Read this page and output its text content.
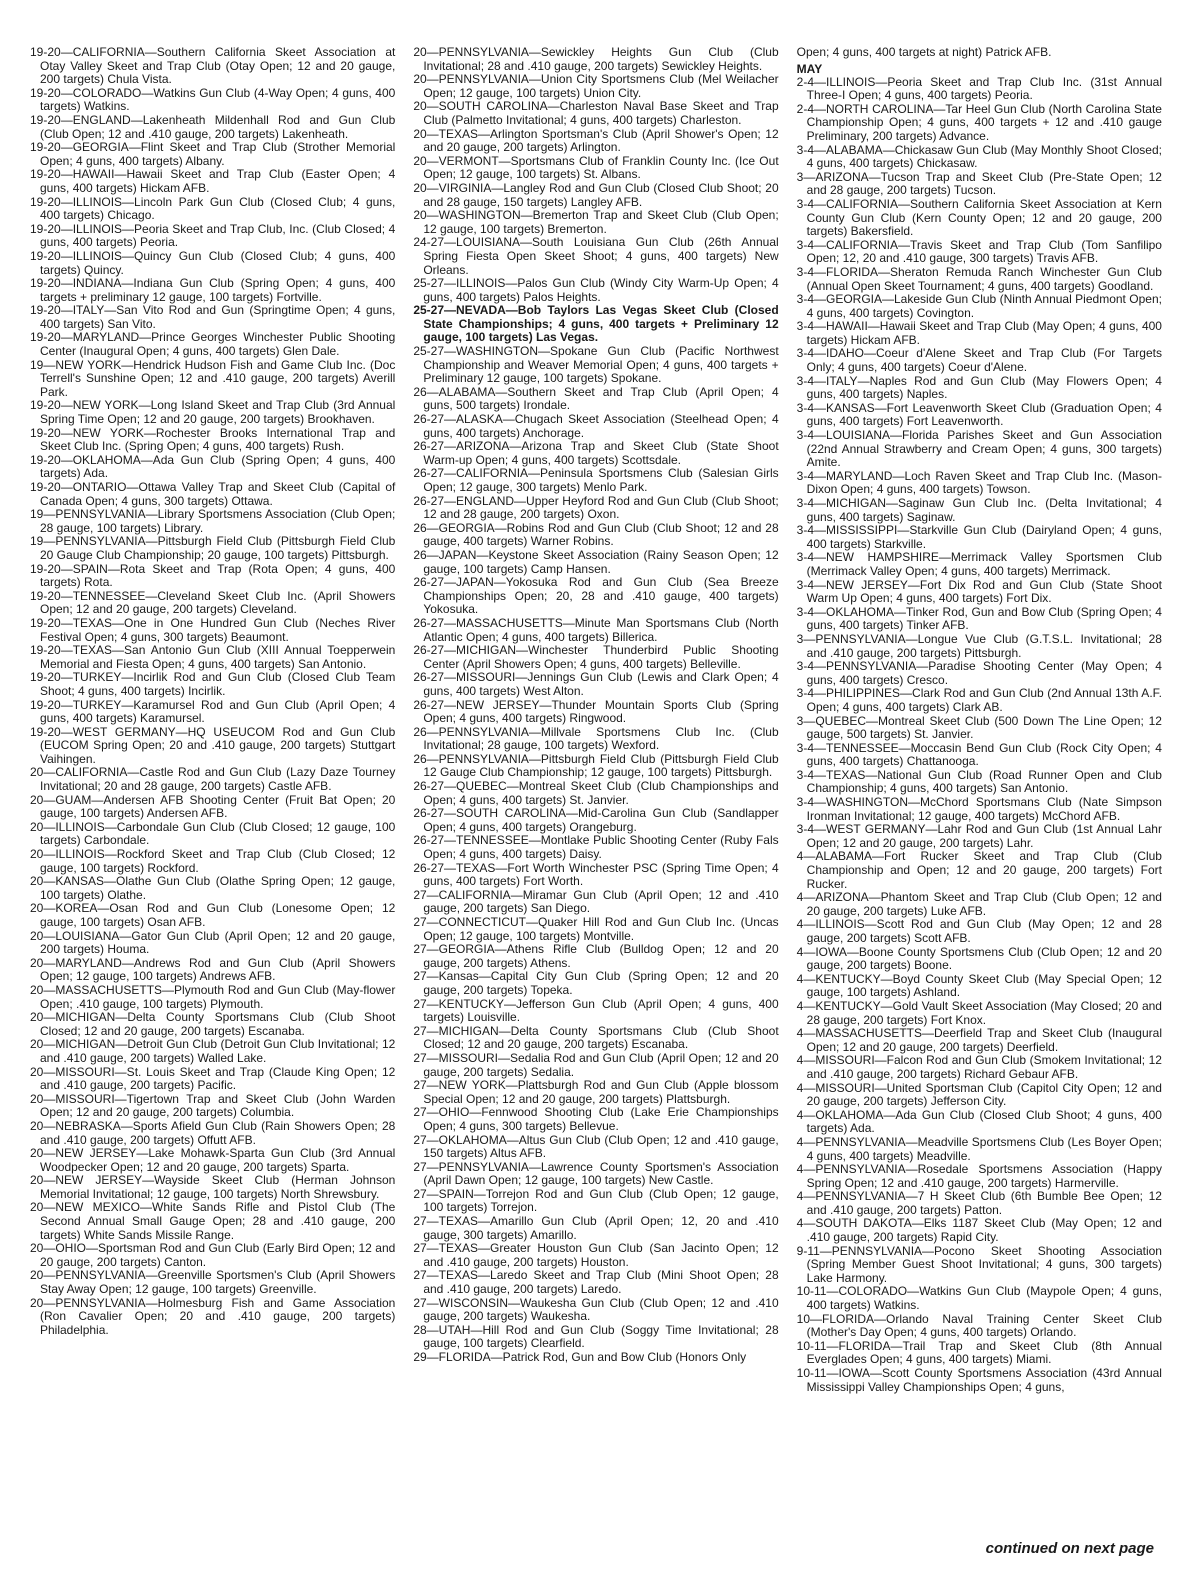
19-20—CALIFORNIA—Southern California Skeet Association at Otay Valley Skeet and Trap Club (Otay Open; 12 and 20 gauge, 200 targets) Chula Vista.

19-20—COLORADO—Watkins Gun Club (4-Way Open; 4 guns, 400 targets) Watkins.

19-20—ENGLAND—Lakenheath Mildenhall Rod and Gun Club (Club Open; 12 and .410 gauge, 200 targets) Lakenheath.

19-20—GEORGIA—Flint Skeet and Trap Club (Strother Memorial Open; 4 guns, 400 targets) Albany.

19-20—HAWAII—Hawaii Skeet and Trap Club (Easter Open; 4 guns, 400 targets) Hickam AFB.

19-20—ILLINOIS—Lincoln Park Gun Club (Closed Club; 4 guns, 400 targets) Chicago.

19-20—ILLINOIS—Peoria Skeet and Trap Club, Inc. (Club Closed; 4 guns, 400 targets) Peoria.

19-20—ILLINOIS—Quincy Gun Club (Closed Club; 4 guns, 400 targets) Quincy.

19-20—INDIANA—Indiana Gun Club (Spring Open; 4 guns, 400 targets + preliminary 12 gauge, 100 targets) Fortville.

19-20—ITALY—San Vito Rod and Gun (Springtime Open; 4 guns, 400 targets) San Vito.

19-20—MARYLAND—Prince Georges Winchester Public Shooting Center (Inaugural Open; 4 guns, 400 targets) Glen Dale.

19—NEW YORK—Hendrick Hudson Fish and Game Club Inc. (Doc Terrell's Sunshine Open; 12 and .410 gauge, 200 targets) Averill Park.

19-20—NEW YORK—Long Island Skeet and Trap Club (3rd Annual Spring Time Open; 12 and 20 gauge, 200 targets) Brookhaven.

19-20—NEW YORK—Rochester Brooks International Trap and Skeet Club Inc. (Spring Open; 4 guns, 400 targets) Rush.

19-20—OKLAHOMA—Ada Gun Club (Spring Open; 4 guns, 400 targets) Ada.

19-20—ONTARIO—Ottawa Valley Trap and Skeet Club (Capital of Canada Open; 4 guns, 300 targets) Ottawa.

19—PENNSYLVANIA—Library Sportsmens Association (Club Open; 28 gauge, 100 targets) Library.

19—PENNSYLVANIA—Pittsburgh Field Club (Pittsburgh Field Club 20 Gauge Club Championship; 20 gauge, 100 targets) Pittsburgh.

19-20—SPAIN—Rota Skeet and Trap (Rota Open; 4 guns, 400 targets) Rota.

19-20—TENNESSEE—Cleveland Skeet Club Inc. (April Showers Open; 12 and 20 gauge, 200 targets) Cleveland.

19-20—TEXAS—One in One Hundred Gun Club (Neches River Festival Open; 4 guns, 300 targets) Beaumont.

19-20—TEXAS—San Antonio Gun Club (XIII Annual Toepperwein Memorial and Fiesta Open; 4 guns, 400 targets) San Antonio.

19-20—TURKEY—Incirlik Rod and Gun Club (Closed Club Team Shoot; 4 guns, 400 targets) Incirlik.

19-20—TURKEY—Karamursel Rod and Gun Club (April Open; 4 guns, 400 targets) Karamursel.

19-20—WEST GERMANY—HQ USEUCOM Rod and Gun Club (EUCOM Spring Open; 20 and .410 gauge, 200 targets) Stuttgart Vaihingen.

20—CALIFORNIA—Castle Rod and Gun Club (Lazy Daze Tourney Invitational; 20 and 28 gauge, 200 targets) Castle AFB.

20—GUAM—Andersen AFB Shooting Center (Fruit Bat Open; 20 gauge, 100 targets) Andersen AFB.

20—ILLINOIS—Carbondale Gun Club (Club Closed; 12 gauge, 100 targets) Carbondale.

20—ILLINOIS—Rockford Skeet and Trap Club (Club Closed; 12 gauge, 100 targets) Rockford.

20—KANSAS—Olathe Gun Club (Olathe Spring Open; 12 gauge, 100 targets) Olathe.

20—KOREA—Osan Rod and Gun Club (Lonesome Open; 12 gauge, 100 targets) Osan AFB.

20—LOUISIANA—Gator Gun Club (April Open; 12 and 20 gauge, 200 targets) Houma.

20—MARYLAND—Andrews Rod and Gun Club (April Showers Open; 12 gauge, 100 targets) Andrews AFB.

20—MASSACHUSETTS—Plymouth Rod and Gun Club (May-flower Open; .410 gauge, 100 targets) Plymouth.

20—MICHIGAN—Delta County Sportsmans Club (Club Shoot Closed; 12 and 20 gauge, 200 targets) Escanaba.

20—MICHIGAN—Detroit Gun Club (Detroit Gun Club Invitational; 12 and .410 gauge, 200 targets) Walled Lake.

20—MISSOURI—St. Louis Skeet and Trap (Claude King Open; 12 and .410 gauge, 200 targets) Pacific.

20—MISSOURI—Tigertown Trap and Skeet Club (John Warden Open; 12 and 20 gauge, 200 targets) Columbia.

20—NEBRASKA—Sports Afield Gun Club (Rain Showers Open; 28 and .410 gauge, 200 targets) Offutt AFB.

20—NEW JERSEY—Lake Mohawk-Sparta Gun Club (3rd Annual Woodpecker Open; 12 and 20 gauge, 200 targets) Sparta.

20—NEW JERSEY—Wayside Skeet Club (Herman Johnson Memorial Invitational; 12 gauge, 100 targets) North Shrewsbury.

20—NEW MEXICO—White Sands Rifle and Pistol Club (The Second Annual Small Gauge Open; 28 and .410 gauge, 200 targets) White Sands Missile Range.

20—OHIO—Sportsman Rod and Gun Club (Early Bird Open; 12 and 20 gauge, 200 targets) Canton.

20—PENNSYLVANIA—Greenville Sportsmen's Club (April Showers Stay Away Open; 12 gauge, 100 targets) Greenville.

20—PENNSYLVANIA—Holmesburg Fish and Game Association (Ron Cavalier Open; 20 and .410 gauge, 200 targets) Philadelphia.

20—PENNSYLVANIA—Sewickley Heights Gun Club (Club Invitational; 28 and .410 gauge, 200 targets) Sewickley Heights.

20—PENNSYLVANIA—Union City Sportsmens Club (Mel Weilacher Open; 12 gauge, 100 targets) Union City.

20—SOUTH CAROLINA—Charleston Naval Base Skeet and Trap Club (Palmetto Invitational; 4 guns, 400 targets) Charleston.

20—TEXAS—Arlington Sportsman's Club (April Shower's Open; 12 and 20 gauge, 200 targets) Arlington.

20—VERMONT—Sportsmans Club of Franklin County Inc. (Ice Out Open; 12 gauge, 100 targets) St. Albans.

20—VIRGINIA—Langley Rod and Gun Club (Closed Club Shoot; 20 and 28 gauge, 150 targets) Langley AFB.

20—WASHINGTON—Bremerton Trap and Skeet Club (Club Open; 12 gauge, 100 targets) Bremerton.

24-27—LOUISIANA—South Louisiana Gun Club (26th Annual Spring Fiesta Open Skeet Shoot; 4 guns, 400 targets) New Orleans.

25-27—ILLINOIS—Palos Gun Club (Windy City Warm-Up Open; 4 guns, 400 targets) Palos Heights.

25-27—NEVADA—Bob Taylors Las Vegas Skeet Club (Closed State Championships; 4 guns, 400 targets + Preliminary 12 gauge, 100 targets) Las Vegas.

25-27—WASHINGTON—Spokane Gun Club (Pacific Northwest Championship and Weaver Memorial Open; 4 guns, 400 targets + Preliminary 12 gauge, 100 targets) Spokane.

26—ALABAMA—Southern Skeet and Trap Club (April Open; 4 guns, 500 targets) Irondale.

26-27—ALASKA—Chugach Skeet Association (Steelhead Open; 4 guns, 400 targets) Anchorage.

26-27—ARIZONA—Arizona Trap and Skeet Club (State Shoot Warm-up Open; 4 guns, 400 targets) Scottsdale.

26-27—CALIFORNIA—Peninsula Sportsmens Club (Salesian Girls Open; 12 gauge, 300 targets) Menlo Park.

26-27—ENGLAND—Upper Heyford Rod and Gun Club (Club Shoot; 12 and 28 gauge, 200 targets) Oxon.

26—GEORGIA—Robins Rod and Gun Club (Club Shoot; 12 and 28 gauge, 400 targets) Warner Robins.

26—JAPAN—Keystone Skeet Association (Rainy Season Open; 12 gauge, 100 targets) Camp Hansen.

26-27—JAPAN—Yokosuka Rod and Gun Club (Sea Breeze Championships Open; 20, 28 and .410 gauge, 400 targets) Yokosuka.

26-27—MASSACHUSETTS—Minute Man Sportsmans Club (North Atlantic Open; 4 guns, 400 targets) Billerica.

26-27—MICHIGAN—Winchester Thunderbird Public Shooting Center (April Showers Open; 4 guns, 400 targets) Belleville.

26-27—MISSOURI—Jennings Gun Club (Lewis and Clark Open; 4 guns, 400 targets) West Alton.

26-27—NEW JERSEY—Thunder Mountain Sports Club (Spring Open; 4 guns, 400 targets) Ringwood.

26—PENNSYLVANIA—Millvale Sportsmens Club Inc. (Club Invitational; 28 gauge, 100 targets) Wexford.

26—PENNSYLVANIA—Pittsburgh Field Club (Pittsburgh Field Club 12 Gauge Club Championship; 12 gauge, 100 targets) Pittsburgh.

26-27—QUEBEC—Montreal Skeet Club (Club Championships and Open; 4 guns, 400 targets) St. Janvier.

26-27—SOUTH CAROLINA—Mid-Carolina Gun Club (Sandlapper Open; 4 guns, 400 targets) Orangeburg.

26-27—TENNESSEE—Montlake Public Shooting Center (Ruby Fals Open; 4 guns, 400 targets) Daisy.

26-27—TEXAS—Fort Worth Winchester PSC (Spring Time Open; 4 guns, 400 targets) Fort Worth.

27—CALIFORNIA—Miramar Gun Club (April Open; 12 and .410 gauge, 200 targets) San Diego.

27—CONNECTICUT—Quaker Hill Rod and Gun Club Inc. (Uncas Open; 12 gauge, 100 targets) Montville.

27—GEORGIA—Athens Rifle Club (Bulldog Open; 12 and 20 gauge, 200 targets) Athens.

27—Kansas—Capital City Gun Club (Spring Open; 12 and 20 gauge, 200 targets) Topeka.

27—KENTUCKY—Jefferson Gun Club (April Open; 4 guns, 400 targets) Louisville.

27—MICHIGAN—Delta County Sportsmans Club (Club Shoot Closed; 12 and 20 gauge, 200 targets) Escanaba.

27—MISSOURI—Sedalia Rod and Gun Club (April Open; 12 and 20 gauge, 200 targets) Sedalia.

27—NEW YORK—Plattsburgh Rod and Gun Club (Apple blossom Special Open; 12 and 20 gauge, 200 targets) Plattsburgh.

27—OHIO—Fennwood Shooting Club (Lake Erie Championships Open; 4 guns, 300 targets) Bellevue.

27—OKLAHOMA—Altus Gun Club (Club Open; 12 and .410 gauge, 150 targets) Altus AFB.

27—PENNSYLVANIA—Lawrence County Sportsmen's Association (April Dawn Open; 12 gauge, 100 targets) New Castle.

27—SPAIN—Torrejon Rod and Gun Club (Club Open; 12 gauge, 100 targets) Torrejon.

27—TEXAS—Amarillo Gun Club (April Open; 12, 20 and .410 gauge, 300 targets) Amarillo.

27—TEXAS—Greater Houston Gun Club (San Jacinto Open; 12 and .410 gauge, 200 targets) Houston.

27—TEXAS—Laredo Skeet and Trap Club (Mini Shoot Open; 28 and .410 gauge, 200 targets) Laredo.

27—WISCONSIN—Waukesha Gun Club (Club Open; 12 and .410 gauge, 200 targets) Waukesha.

28—UTAH—Hill Rod and Gun Club (Soggy Time Invitational; 28 gauge, 100 targets) Clearfield.

29—FLORIDA—Patrick Rod, Gun and Bow Club (Honors Only

Open; 4 guns, 400 targets at night) Patrick AFB.

MAY

2-4—ILLINOIS—Peoria Skeet and Trap Club Inc. (31st Annual Three-I Open; 4 guns, 400 targets) Peoria.

2-4—NORTH CAROLINA—Tar Heel Gun Club (North Carolina State Championship Open; 4 guns, 400 targets + 12 and .410 gauge Preliminary, 200 targets) Advance.

3-4—ALABAMA—Chickasaw Gun Club (May Monthly Shoot Closed; 4 guns, 400 targets) Chickasaw.

3—ARIZONA—Tucson Trap and Skeet Club (Pre-State Open; 12 and 28 gauge, 200 targets) Tucson.

3-4—CALIFORNIA—Southern California Skeet Association at Kern County Gun Club (Kern County Open; 12 and 20 gauge, 200 targets) Bakersfield.

3-4—CALIFORNIA—Travis Skeet and Trap Club (Tom Sanfilipo Open; 12, 20 and .410 gauge, 300 targets) Travis AFB.

3-4—FLORIDA—Sheraton Remuda Ranch Winchester Gun Club (Annual Open Skeet Tournament; 4 guns, 400 targets) Goodland.

3-4—GEORGIA—Lakeside Gun Club (Ninth Annual Piedmont Open; 4 guns, 400 targets) Covington.

3-4—HAWAII—Hawaii Skeet and Trap Club (May Open; 4 guns, 400 targets) Hickam AFB.

3-4—IDAHO—Coeur d'Alene Skeet and Trap Club (For Targets Only; 4 guns, 400 targets) Coeur d'Alene.

3-4—ITALY—Naples Rod and Gun Club (May Flowers Open; 4 guns, 400 targets) Naples.

3-4—KANSAS—Fort Leavenworth Skeet Club (Graduation Open; 4 guns, 400 targets) Fort Leavenworth.

3-4—LOUISIANA—Florida Parishes Skeet and Gun Association (22nd Annual Strawberry and Cream Open; 4 guns, 300 targets) Amite.

3-4—MARYLAND—Loch Raven Skeet and Trap Club Inc. (Mason-Dixon Open; 4 guns, 400 targets) Towson.

3-4—MICHIGAN—Saginaw Gun Club Inc. (Delta Invitational; 4 guns, 400 targets) Saginaw.

3-4—MISSISSIPPI—Starkville Gun Club (Dairyland Open; 4 guns, 400 targets) Starkville.

3-4—NEW HAMPSHIRE—Merrimack Valley Sportsmen Club (Merrimack Valley Open; 4 guns, 400 targets) Merrimack.

3-4—NEW JERSEY—Fort Dix Rod and Gun Club (State Shoot Warm Up Open; 4 guns, 400 targets) Fort Dix.

3-4—OKLAHOMA—Tinker Rod, Gun and Bow Club (Spring Open; 4 guns, 400 targets) Tinker AFB.

3—PENNSYLVANIA—Longue Vue Club (G.T.S.L. Invitational; 28 and .410 gauge, 200 targets) Pittsburgh.

3-4—PENNSYLVANIA—Paradise Shooting Center (May Open; 4 guns, 400 targets) Cresco.

3-4—PHILIPPINES—Clark Rod and Gun Club (2nd Annual 13th A.F. Open; 4 guns, 400 targets) Clark AB.

3—QUEBEC—Montreal Skeet Club (500 Down The Line Open; 12 gauge, 500 targets) St. Janvier.

3-4—TENNESSEE—Moccasin Bend Gun Club (Rock City Open; 4 guns, 400 targets) Chattanooga.

3-4—TEXAS—National Gun Club (Road Runner Open and Club Championship; 4 guns, 400 targets) San Antonio.

3-4—WASHINGTON—McChord Sportsmans Club (Nate Simpson Ironman Invitational; 12 gauge, 400 targets) McChord AFB.

3-4—WEST GERMANY—Lahr Rod and Gun Club (1st Annual Lahr Open; 12 and 20 gauge, 200 targets) Lahr.

4—ALABAMA—Fort Rucker Skeet and Trap Club (Club Championship and Open; 12 and 20 gauge, 200 targets) Fort Rucker.

4—ARIZONA—Phantom Skeet and Trap Club (Club Open; 12 and 20 gauge, 200 targets) Luke AFB.

4—ILLINOIS—Scott Rod and Gun Club (May Open; 12 and 28 gauge, 200 targets) Scott AFB.

4—IOWA—Boone County Sportsmens Club (Club Open; 12 and 20 gauge, 200 targets) Boone.

4—KENTUCKY—Boyd County Skeet Club (May Special Open; 12 gauge, 100 targets) Ashland.

4—KENTUCKY—Gold Vault Skeet Association (May Closed; 20 and 28 gauge, 200 targets) Fort Knox.

4—MASSACHUSETTS—Deerfield Trap and Skeet Club (Inaugural Open; 12 and 20 gauge, 200 targets) Deerfield.

4—MISSOURI—Falcon Rod and Gun Club (Smokem Invitational; 12 and .410 gauge, 200 targets) Richard Gebaur AFB.

4—MISSOURI—United Sportsman Club (Capitol City Open; 12 and 20 gauge, 200 targets) Jefferson City.

4—OKLAHOMA—Ada Gun Club (Closed Club Shoot; 4 guns, 400 targets) Ada.

4—PENNSYLVANIA—Meadville Sportsmens Club (Les Boyer Open; 4 guns, 400 targets) Meadville.

4—PENNSYLVANIA—Rosedale Sportsmens Association (Happy Spring Open; 12 and .410 gauge, 200 targets) Harmerville.

4—PENNSYLVANIA—7 H Skeet Club (6th Bumble Bee Open; 12 and .410 gauge, 200 targets) Patton.

4—SOUTH DAKOTA—Elks 1187 Skeet Club (May Open; 12 and .410 gauge, 200 targets) Rapid City.

9-11—PENNSYLVANIA—Pocono Skeet Shooting Association (Spring Member Guest Shoot Invitational; 4 guns, 300 targets) Lake Harmony.

10-11—COLORADO—Watkins Gun Club (Maypole Open; 4 guns, 400 targets) Watkins.

10—FLORIDA—Orlando Naval Training Center Skeet Club (Mother's Day Open; 4 guns, 400 targets) Orlando.

10-11—FLORIDA—Trail Trap and Skeet Club (8th Annual Everglades Open; 4 guns, 400 targets) Miami.

10-11—IOWA—Scott County Sportsmens Association (43rd Annual Mississippi Valley Championships Open; 4 guns,

continued on next page
